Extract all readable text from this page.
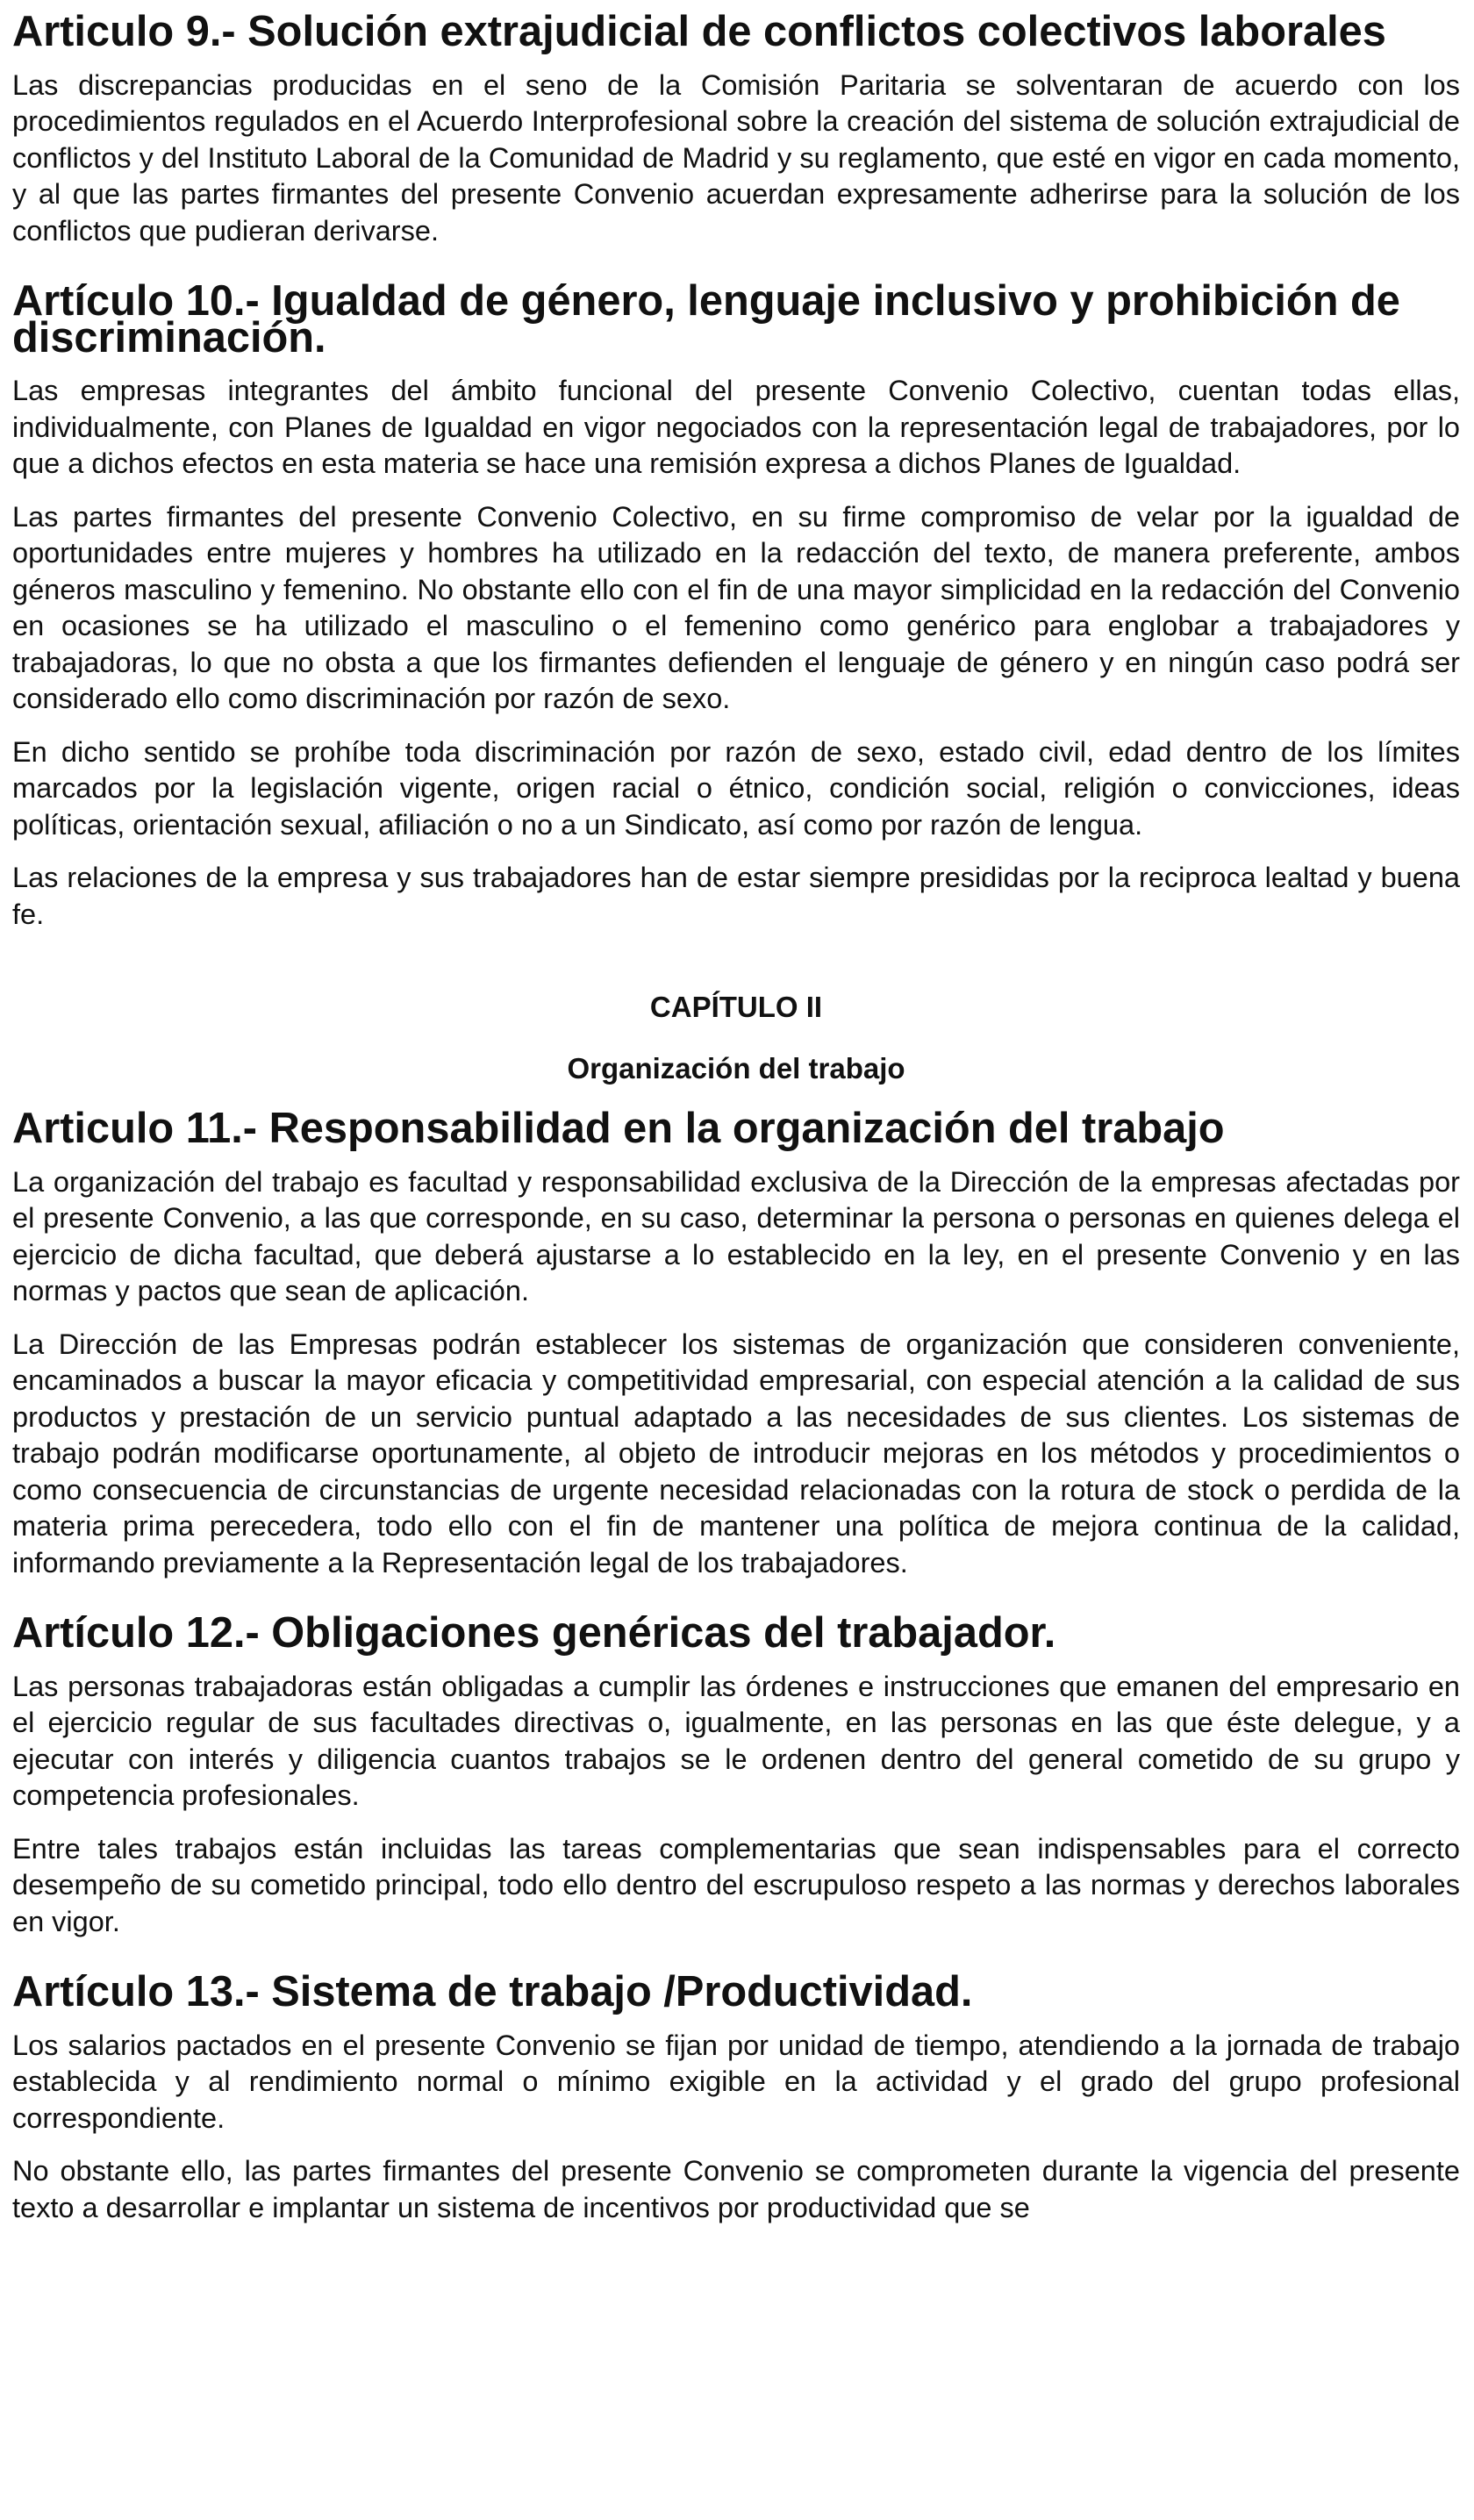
Articulo 9.- Solución extrajudicial de conflictos colectivos laborales

Las discrepancias producidas en el seno de la Comisión Paritaria se solventaran de acuerdo con los procedimientos regulados en el Acuerdo Interprofesional sobre la creación del sistema de solución extrajudicial de conflictos y del Instituto Laboral de la Comunidad de Madrid y su reglamento, que esté en vigor en cada momento, y al que las partes firmantes del presente Convenio acuerdan expresamente adherirse para la solución de los conflictos que pudieran derivarse.

Artículo 10.- Igualdad de género, lenguaje inclusivo y prohibición de discriminación.

Las empresas integrantes del ámbito funcional del presente Convenio Colectivo, cuentan todas ellas, individualmente, con Planes de Igualdad en vigor negociados con la representación legal de trabajadores, por lo que a dichos efectos en esta materia se hace una remisión expresa a dichos Planes de Igualdad.

Las partes firmantes del presente Convenio Colectivo, en su firme compromiso de velar por la igualdad de oportunidades entre mujeres y hombres ha utilizado en la redacción del texto, de manera preferente, ambos géneros masculino y femenino. No obstante ello con el fin de una mayor simplicidad en la redacción del Convenio en ocasiones se ha utilizado el masculino o el femenino como genérico para englobar a trabajadores y trabajadoras, lo que no obsta a que los firmantes defienden el lenguaje de género y en ningún caso podrá ser considerado ello como discriminación por razón de sexo.

En dicho sentido se prohíbe toda discriminación por razón de sexo, estado civil, edad dentro de los límites marcados por la legislación vigente, origen racial o étnico, condición social, religión o convicciones, ideas políticas, orientación sexual, afiliación o no a un Sindicato, así como por razón de lengua.

Las relaciones de la empresa y sus trabajadores han de estar siempre presididas por la reciproca lealtad y buena fe.

CAPÍTULO II
Organización del trabajo
Articulo 11.- Responsabilidad en la organización del trabajo

La organización del trabajo es facultad y responsabilidad exclusiva de la Dirección de la empresas afectadas por el presente Convenio, a las que corresponde, en su caso, determinar la persona o personas en quienes delega el ejercicio de dicha facultad, que deberá ajustarse a lo establecido en la ley, en el presente Convenio y en las normas y pactos que sean de aplicación.

La Dirección de las Empresas podrán establecer los sistemas de organización que consideren conveniente, encaminados a buscar la mayor eficacia y competitividad empresarial, con especial atención a la calidad de sus productos y prestación de un servicio puntual adaptado a las necesidades de sus clientes. Los sistemas de trabajo podrán modificarse oportunamente, al objeto de introducir mejoras en los métodos y procedimientos o como consecuencia de circunstancias de urgente necesidad relacionadas con la rotura de stock o perdida de la materia prima perecedera, todo ello con el fin de mantener una política de mejora continua de la calidad, informando previamente a la Representación legal de los trabajadores.

Artículo 12.- Obligaciones genéricas del trabajador.

Las personas trabajadoras están obligadas a cumplir las órdenes e instrucciones que emanen del empresario en el ejercicio regular de sus facultades directivas o, igualmente, en las personas en las que éste delegue, y a ejecutar con interés y diligencia cuantos trabajos se le ordenen dentro del general cometido de su grupo y competencia profesionales.

Entre tales trabajos están incluidas las tareas complementarias que sean indispensables para el correcto desempeño de su cometido principal, todo ello dentro del escrupuloso respeto a las normas y derechos laborales en vigor.

Artículo 13.- Sistema de trabajo /Productividad.

Los salarios pactados en el presente Convenio se fijan por unidad de tiempo, atendiendo a la jornada de trabajo establecida y al rendimiento normal o mínimo exigible en la actividad y el grado del grupo profesional correspondiente.

No obstante ello, las partes firmantes del presente Convenio se comprometen durante la vigencia del presente texto a desarrollar e implantar un sistema de incentivos por productividad que se
